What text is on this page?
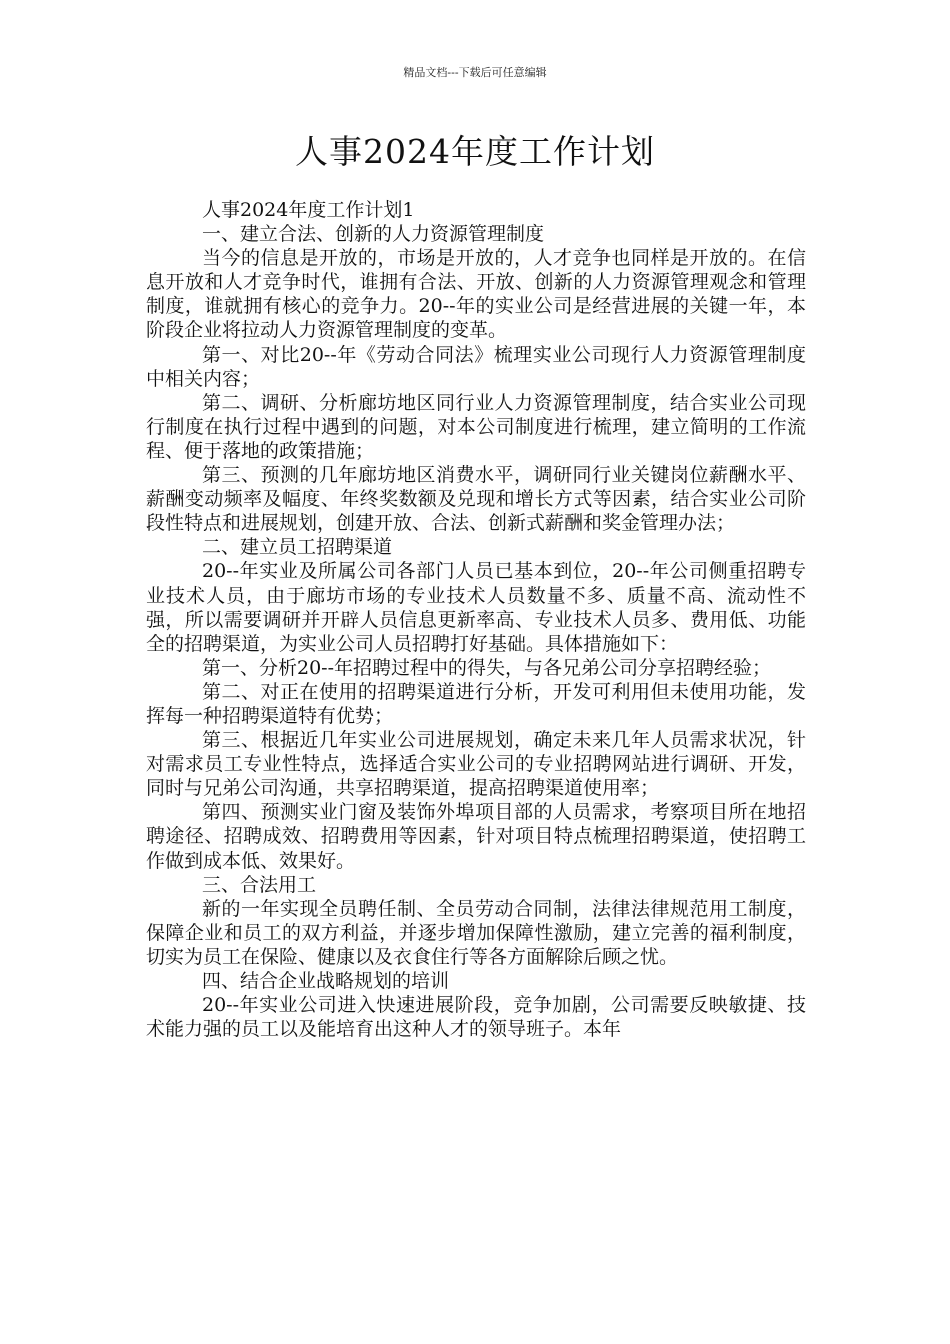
精品文档---下载后可任意编辑
人事2024年度工作计划

人事2024年度工作计划1

一、建立合法、创新的人力资源管理制度

当今的信息是开放的，市场是开放的，人才竞争也同样是开放的。在信息开放和人才竞争时代，谁拥有合法、开放、创新的人力资源管理观念和管理制度，谁就拥有核心的竞争力。20--年的实业公司是经营进展的关键一年，本阶段企业将拉动人力资源管理制度的变革。

第一、对比20--年《劳动合同法》梳理实业公司现行人力资源管理制度中相关内容；

第二、调研、分析廊坊地区同行业人力资源管理制度，结合实业公司现行制度在执行过程中遇到的问题，对本公司制度进行梳理，建立简明的工作流程、便于落地的政策措施；

第三、预测的几年廊坊地区消费水平，调研同行业关键岗位薪酬水平、薪酬变动频率及幅度、年终奖数额及兑现和增长方式等因素，结合实业公司阶段性特点和进展规划，创建开放、合法、创新式薪酬和奖金管理办法；

二、建立员工招聘渠道

20--年实业及所属公司各部门人员已基本到位，20--年公司侧重招聘专业技术人员，由于廊坊市场的专业技术人员数量不多、质量不高、流动性不强，所以需要调研并开辟人员信息更新率高、专业技术人员多、费用低、功能全的招聘渠道，为实业公司人员招聘打好基础。具体措施如下：

第一、分析20--年招聘过程中的得失，与各兄弟公司分享招聘经验；

第二、对正在使用的招聘渠道进行分析，开发可利用但未使用功能，发挥每一种招聘渠道特有优势；

第三、根据近几年实业公司进展规划，确定未来几年人员需求状况，针对需求员工专业性特点，选择适合实业公司的专业招聘网站进行调研、开发，同时与兄弟公司沟通，共享招聘渠道，提高招聘渠道使用率；

第四、预测实业门窗及装饰外埠项目部的人员需求，考察项目所在地招聘途径、招聘成效、招聘费用等因素，针对项目特点梳理招聘渠道，使招聘工作做到成本低、效果好。

三、合法用工

新的一年实现全员聘任制、全员劳动合同制，法律法律规范用工制度，保障企业和员工的双方利益，并逐步增加保障性激励，建立完善的福利制度，切实为员工在保险、健康以及衣食住行等各方面解除后顾之忧。

四、结合企业战略规划的培训

20--年实业公司进入快速进展阶段，竞争加剧，公司需要反映敏捷、技术能力强的员工以及能培育出这种人才的领导班子。本年
